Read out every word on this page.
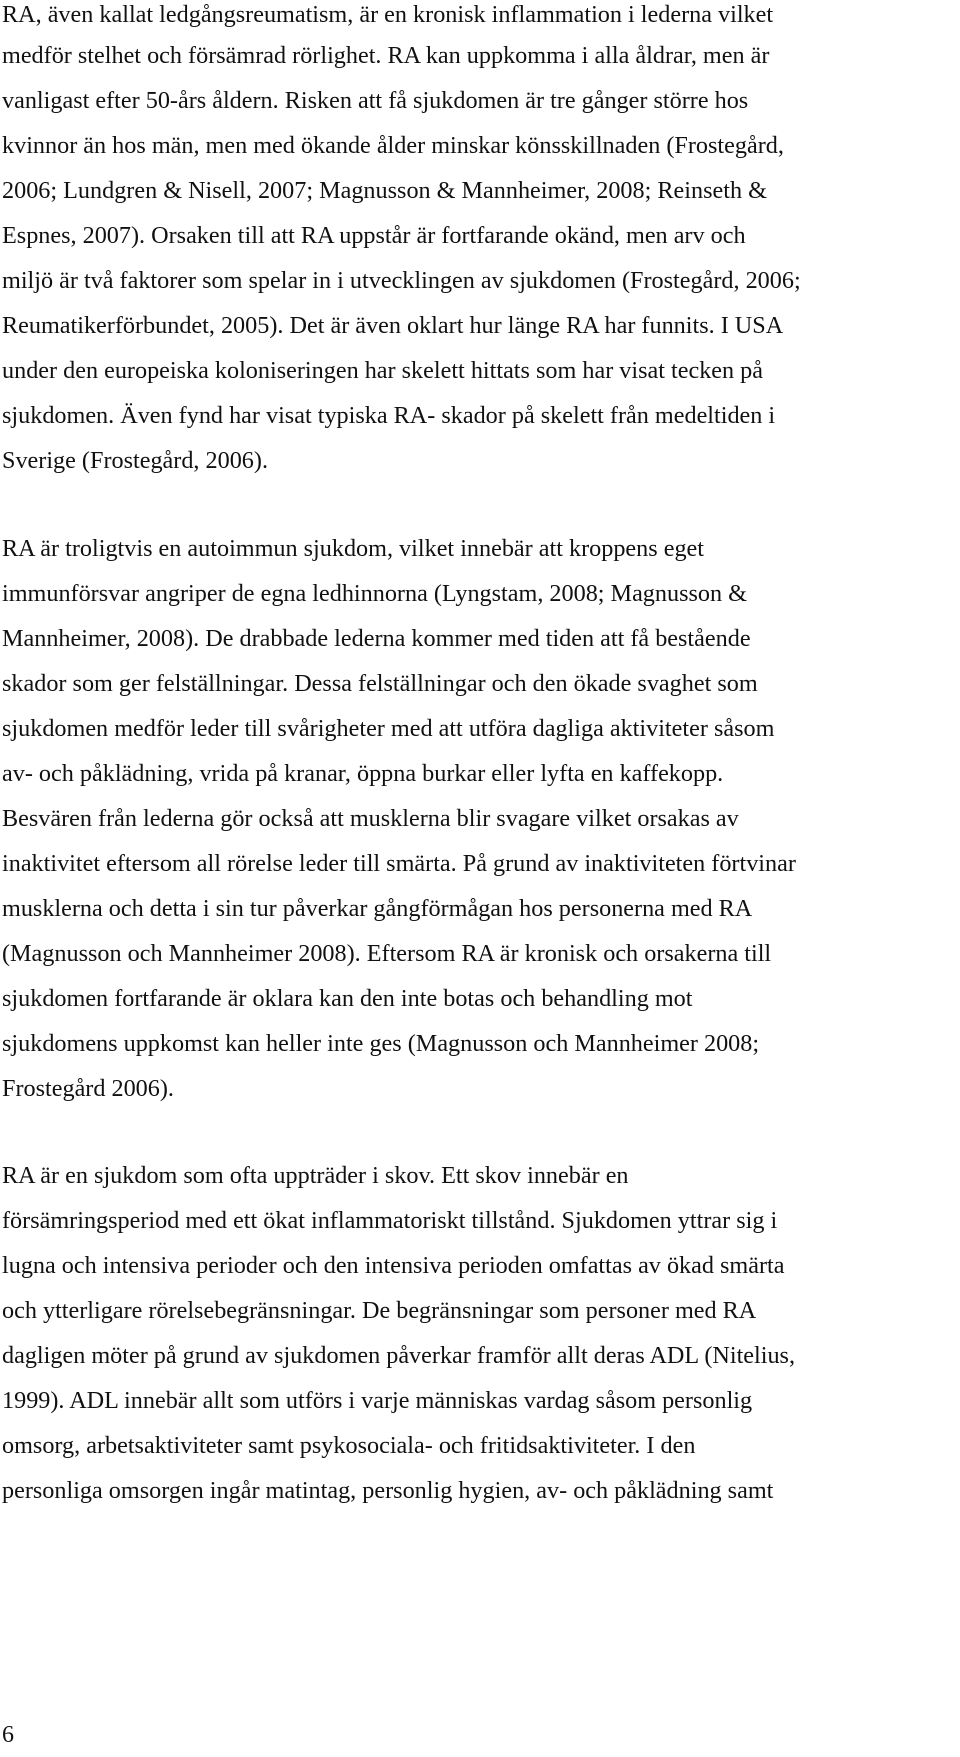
RA, även kallat ledgångsreumatism, är en kronisk inflammation i lederna vilket
medför stelhet och försämrad rörlighet. RA kan uppkomma i alla åldrar, men är
vanligast efter 50-års åldern. Risken att få sjukdomen är tre gånger större hos
kvinnor än hos män, men med ökande ålder minskar könsskillnaden (Frostegård,
2006; Lundgren & Nisell, 2007; Magnusson & Mannheimer, 2008; Reinseth &
Espnes, 2007). Orsaken till att RA uppstår är fortfarande okänd, men arv och
miljö är två faktorer som spelar in i utvecklingen av sjukdomen (Frostegård, 2006;
Reumatikerförbundet, 2005). Det är även oklart hur länge RA har funnits. I USA
under den europeiska koloniseringen har skelett hittats som har visat tecken på
sjukdomen. Även fynd har visat typiska RA- skador på skelett från medeltiden i
Sverige (Frostegård, 2006).
RA är troligtvis en autoimmun sjukdom, vilket innebär att kroppens eget
immunförsvar angriper de egna ledhinnorna (Lyngstam, 2008; Magnusson &
Mannheimer, 2008). De drabbade lederna kommer med tiden att få bestående
skador som ger felställningar. Dessa felställningar och den ökade svaghet som
sjukdomen medför leder till svårigheter med att utföra dagliga aktiviteter såsom
av- och påklädning, vrida på kranar, öppna burkar eller lyfta en kaffekopp.
Besvären från lederna gör också att musklerna blir svagare vilket orsakas av
inaktivitet eftersom all rörelse leder till smärta. På grund av inaktiviteten förtvinar
musklerna och detta i sin tur påverkar gångförmågan hos personerna med RA
(Magnusson och Mannheimer 2008). Eftersom RA är kronisk och orsakerna till
sjukdomen fortfarande är oklara kan den inte botas och behandling mot
sjukdomens uppkomst kan heller inte ges (Magnusson och Mannheimer 2008;
Frostegård 2006).
RA är en sjukdom som ofta uppträder i skov. Ett skov innebär en
försämringsperiod med ett ökat inflammatoriskt tillstånd. Sjukdomen yttrar sig i
lugna och intensiva perioder och den intensiva perioden omfattas av ökad smärta
och ytterligare rörelsebegränsningar. De begränsningar som personer med RA
dagligen möter på grund av sjukdomen påverkar framför allt deras ADL (Nitelius,
1999). ADL innebär allt som utförs i varje människas vardag såsom personlig
omsorg, arbetsaktiviteter samt psykosociala- och fritidsaktiviteter. I den
personliga omsorgen ingår matintag, personlig hygien, av- och påklädning samt
6
